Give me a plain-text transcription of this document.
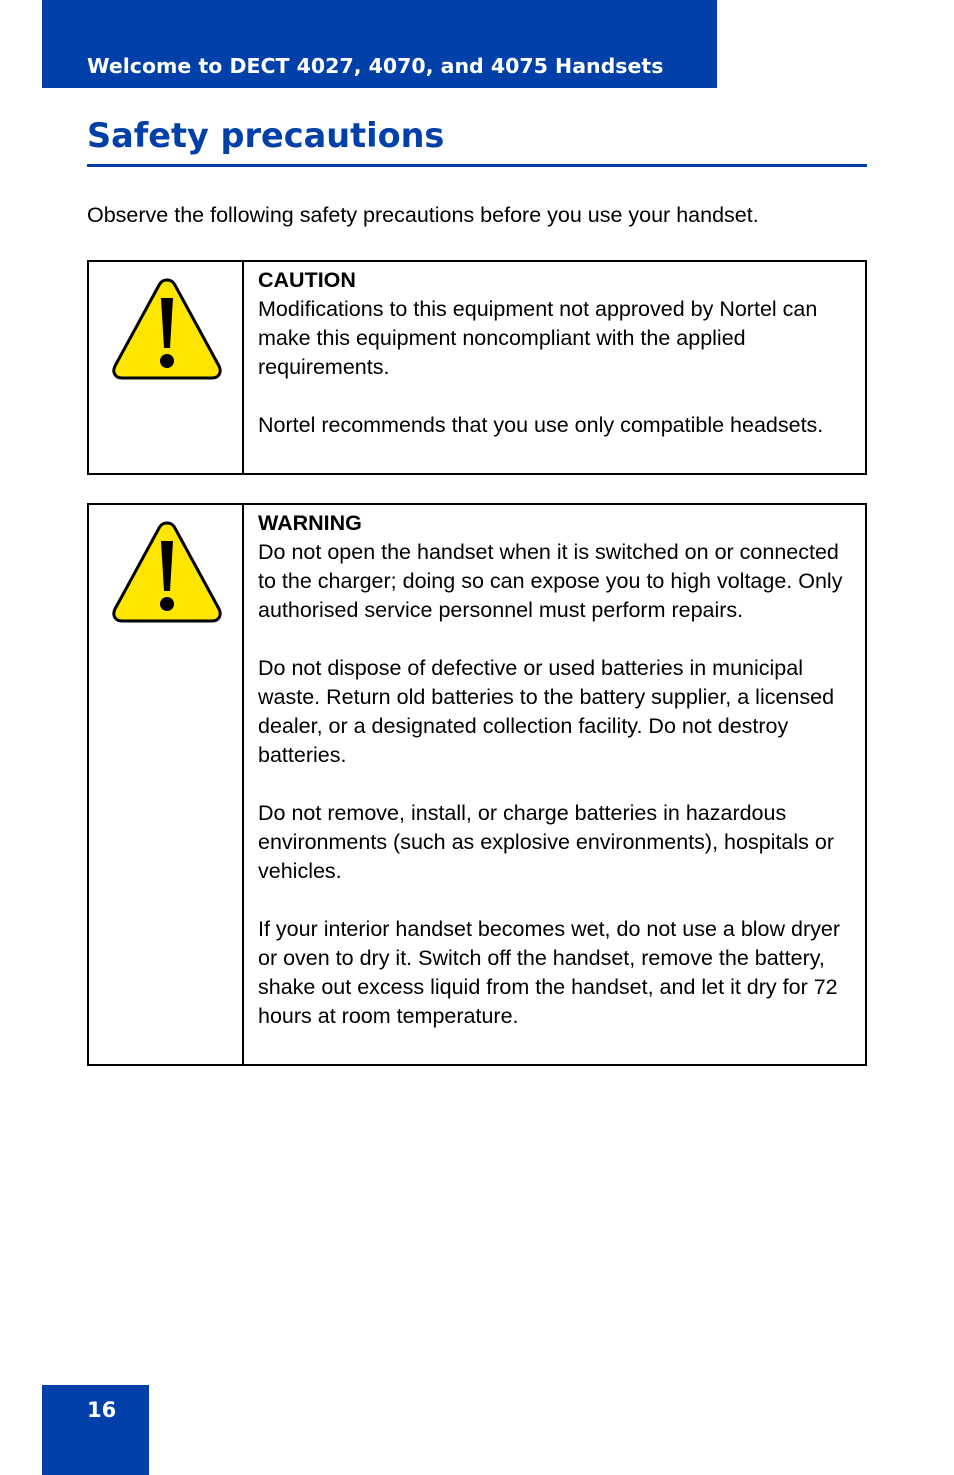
Welcome to DECT 4027, 4070, and 4075 Handsets
Safety precautions
Observe the following safety precautions before you use your handset.
CAUTION

Modifications to this equipment not approved by Nortel can make this equipment noncompliant with the applied requirements.

Nortel recommends that you use only compatible headsets.

WARNING

Do not open the handset when it is switched on or connected to the charger; doing so can expose you to high voltage. Only authorised service personnel must perform repairs.

Do not dispose of defective or used batteries in municipal waste. Return old batteries to the battery supplier, a licensed dealer, or a designated collection facility. Do not destroy batteries.

Do not remove, install, or charge batteries in hazardous environments (such as explosive environments), hospitals or vehicles.

If your interior handset becomes wet, do not use a blow dryer or oven to dry it. Switch off the handset, remove the battery, shake out excess liquid from the handset, and let it dry for 72 hours at room temperature.

16
